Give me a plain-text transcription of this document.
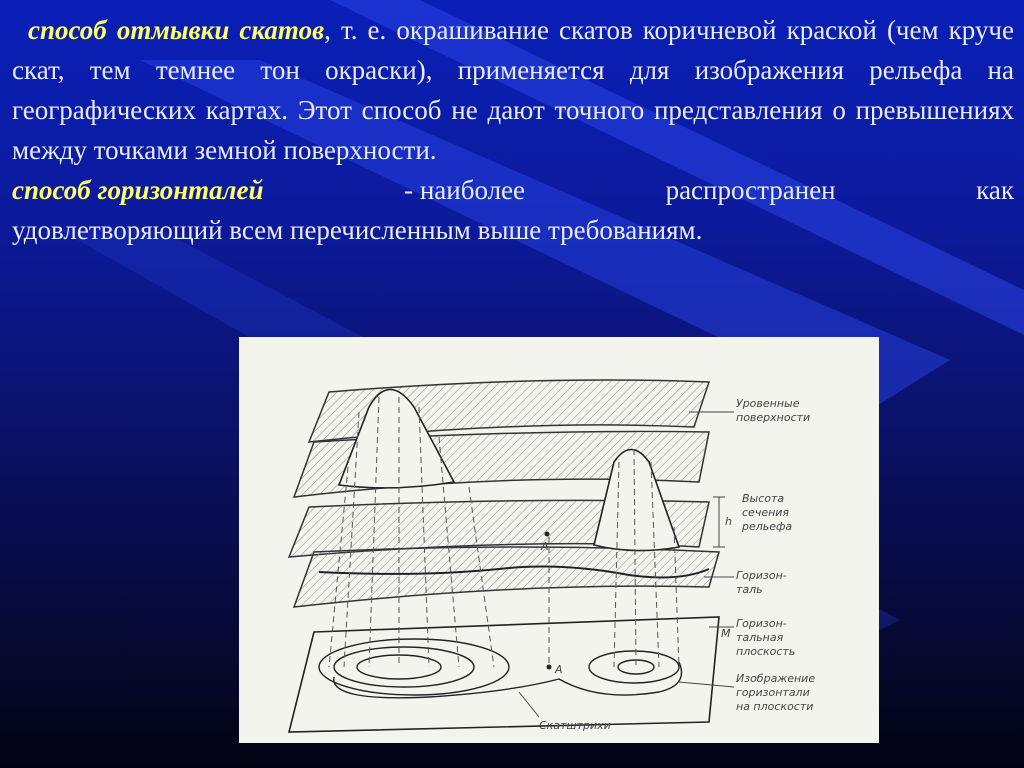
способ отмывки скатов, т. е. окрашивание скатов коричневой краской (чем круче скат, тем темнее тон окраски), применяется для изображения рельефа на географических картах. Этот способ не дают точного представления о превышениях между точками земной поверхности.

способ горизонталей	- наиболее	распространен	как
удовлетворяющий всем перечисленным выше требованиям.
Уровенные
поверхности
Высота
сечения
рельефа
h
Горизон-
таль
M
Горизон-
тальная
плоскость
Изображение
горизонтали
на плоскости
Скатштрихи
A
A
